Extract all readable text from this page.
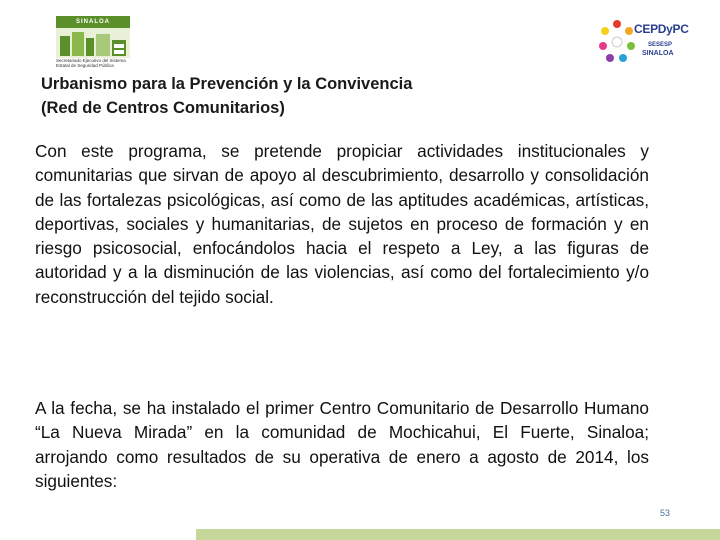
SINALOA
Secretariado Ejecutivo del Sistema Estatal de Seguridad Pública
CEPDyPC
SESESP
SINALOA
Urbanismo para la Prevención y la Convivencia
(Red de Centros Comunitarios)

Con este programa, se pretende propiciar actividades institucionales y comunitarias que sirvan de apoyo al descubrimiento, desarrollo y consolidación de las fortalezas psicológicas, así como de las aptitudes académicas, artísticas, deportivas, sociales y humanitarias, de sujetos en proceso de formación y en riesgo psicosocial, enfocándolos hacia el respeto a Ley, a las figuras de autoridad y a la disminución de las violencias, así como del fortalecimiento y/o reconstrucción del tejido social.

A la fecha, se ha instalado el primer Centro Comunitario de Desarrollo Humano “La Nueva Mirada” en la comunidad de Mochicahui, El Fuerte, Sinaloa; arrojando como resultados de su operativa de enero a agosto de 2014, los siguientes:

53
